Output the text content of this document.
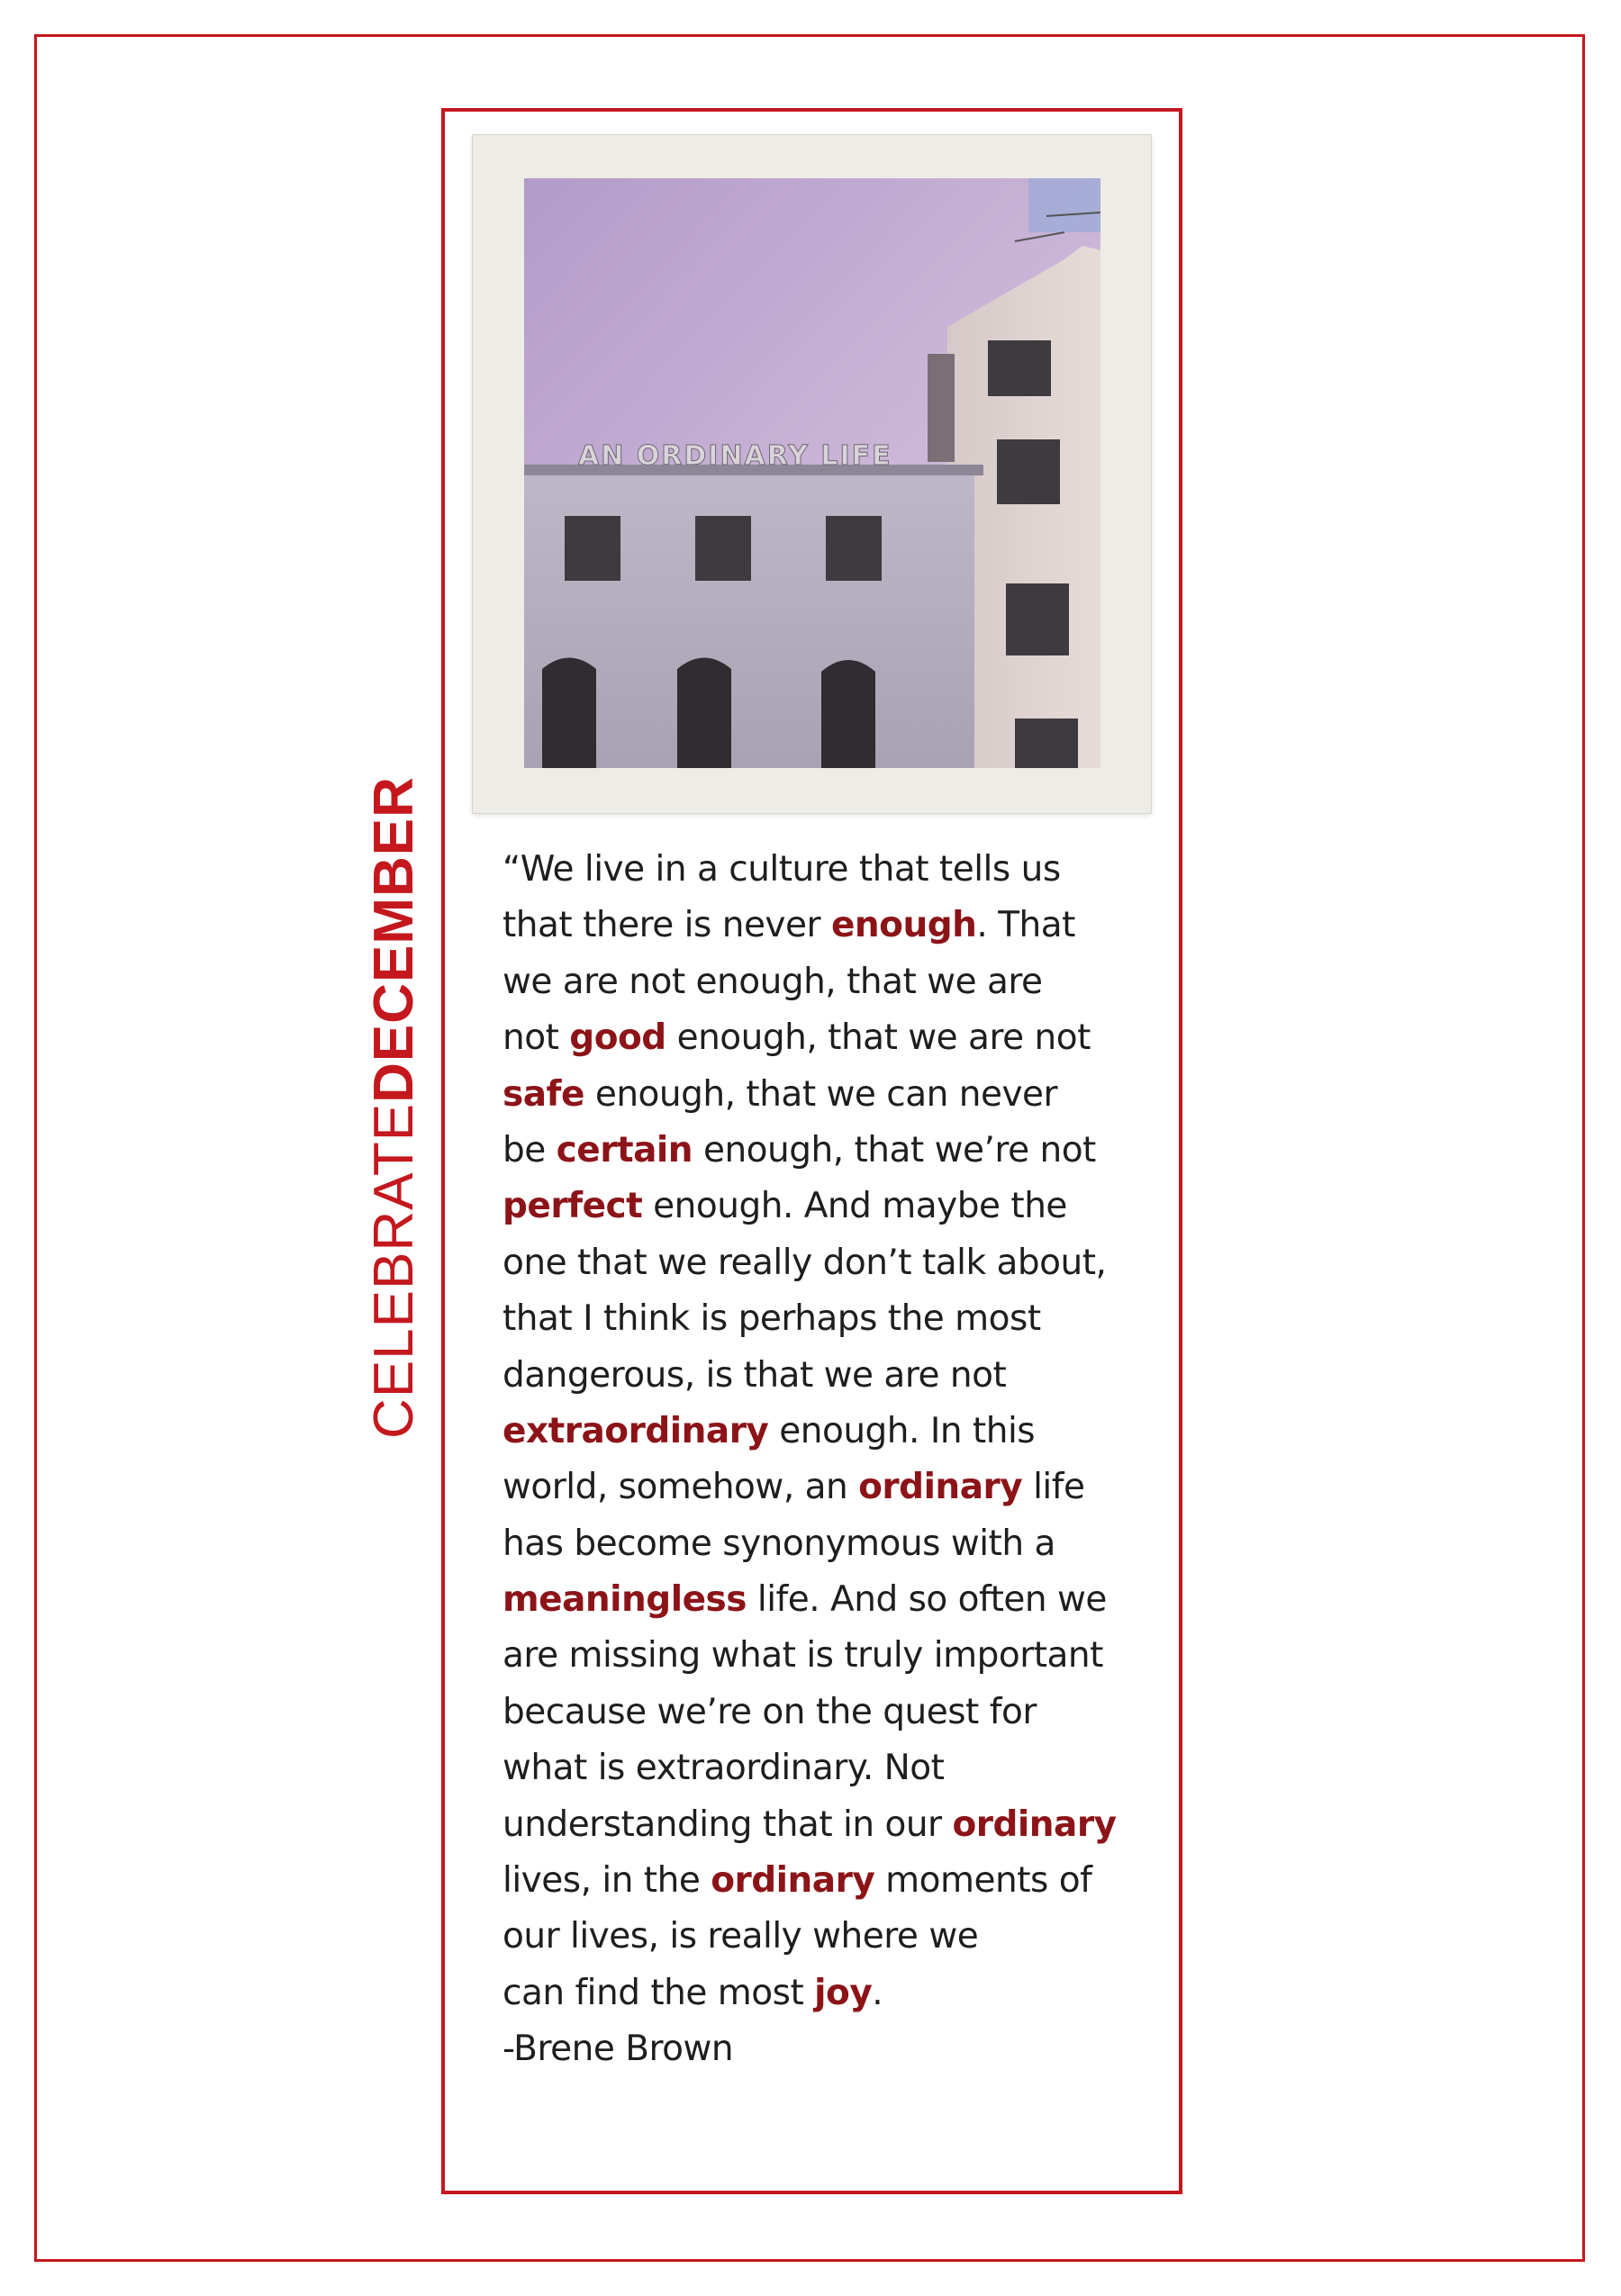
CELEBRATEDECEMBER
AN ORDINARY LIFE
“We live in a culture that tells us
that there is never enough. That
we are not enough, that we are
not good enough, that we are not
safe enough, that we can never
be certain enough, that we’re not
perfect enough. And maybe the
one that we really don’t talk about,
that I think is perhaps the most
dangerous, is that we are not
extraordinary enough. In this
world, somehow, an ordinary life
has become synonymous with a
meaningless life. And so often we
are missing what is truly important
because we’re on the quest for
what is extraordinary. Not
understanding that in our ordinary
lives, in the ordinary moments of
our lives, is really where we
can find the most joy.
-Brene Brown
